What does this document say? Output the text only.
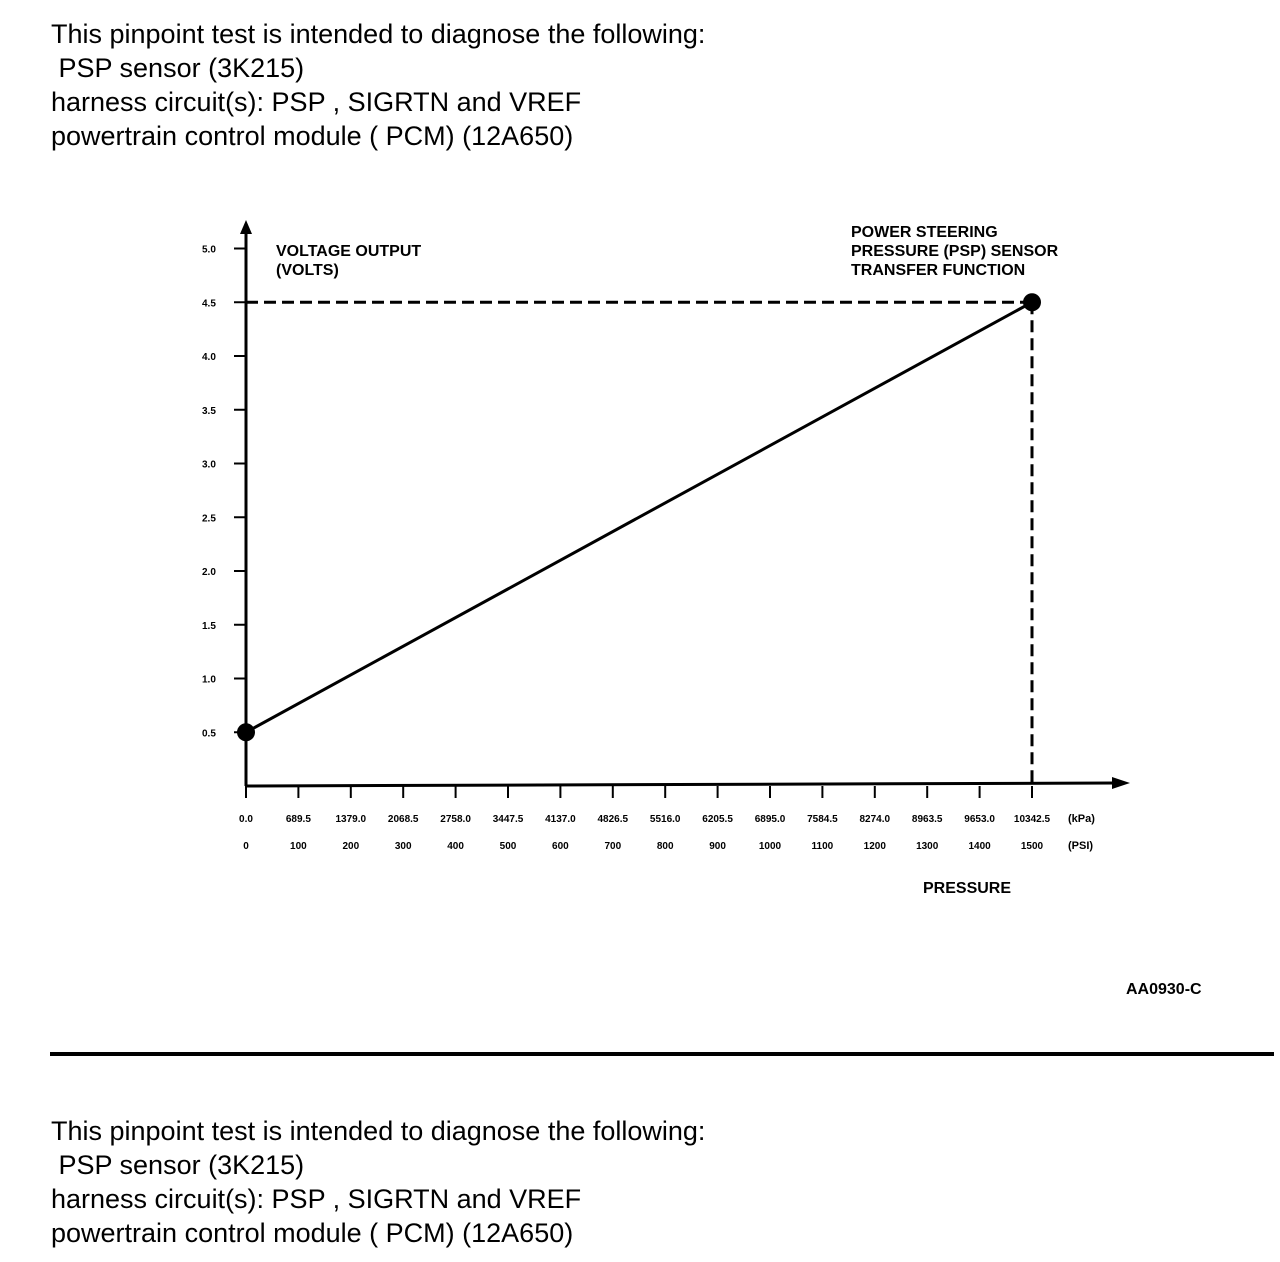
This pinpoint test is intended to diagnose the following:
PSP sensor (3K215)
harness circuit(s): PSP , SIGRTN and VREF
powertrain control module ( PCM) (12A650)
0.5
1.0
1.5
2.0
2.5
3.0
3.5
4.0
4.5
5.0
0.0
0
689.5
100
1379.0
200
2068.5
300
2758.0
400
3447.5
500
4137.0
600
4826.5
700
5516.0
800
6205.5
900
6895.0
1000
7584.5
1100
8274.0
1200
8963.5
1300
9653.0
1400
10342.5
1500
VOLTAGE OUTPUT
(VOLTS)
POWER STEERING
PRESSURE (PSP) SENSOR
TRANSFER FUNCTION
PRESSURE
(kPa)
(PSI)
AA0930-C
This pinpoint test is intended to diagnose the following:
PSP sensor (3K215)
harness circuit(s): PSP , SIGRTN and VREF
powertrain control module ( PCM) (12A650)
